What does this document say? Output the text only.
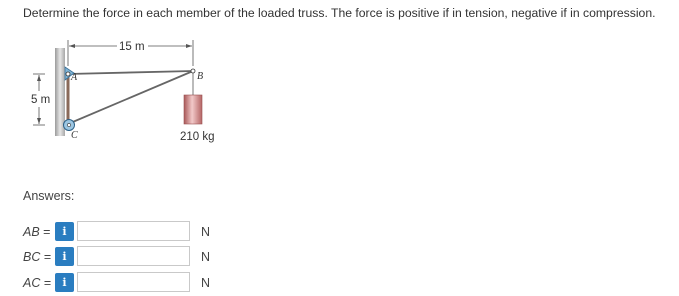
Determine the force in each member of the loaded truss. The force is positive if in tension, negative if in compression.
15 m
5 m
A
C
B
210 kg
Answers:
AB = i	N
BC = i	N
AC = i	N
